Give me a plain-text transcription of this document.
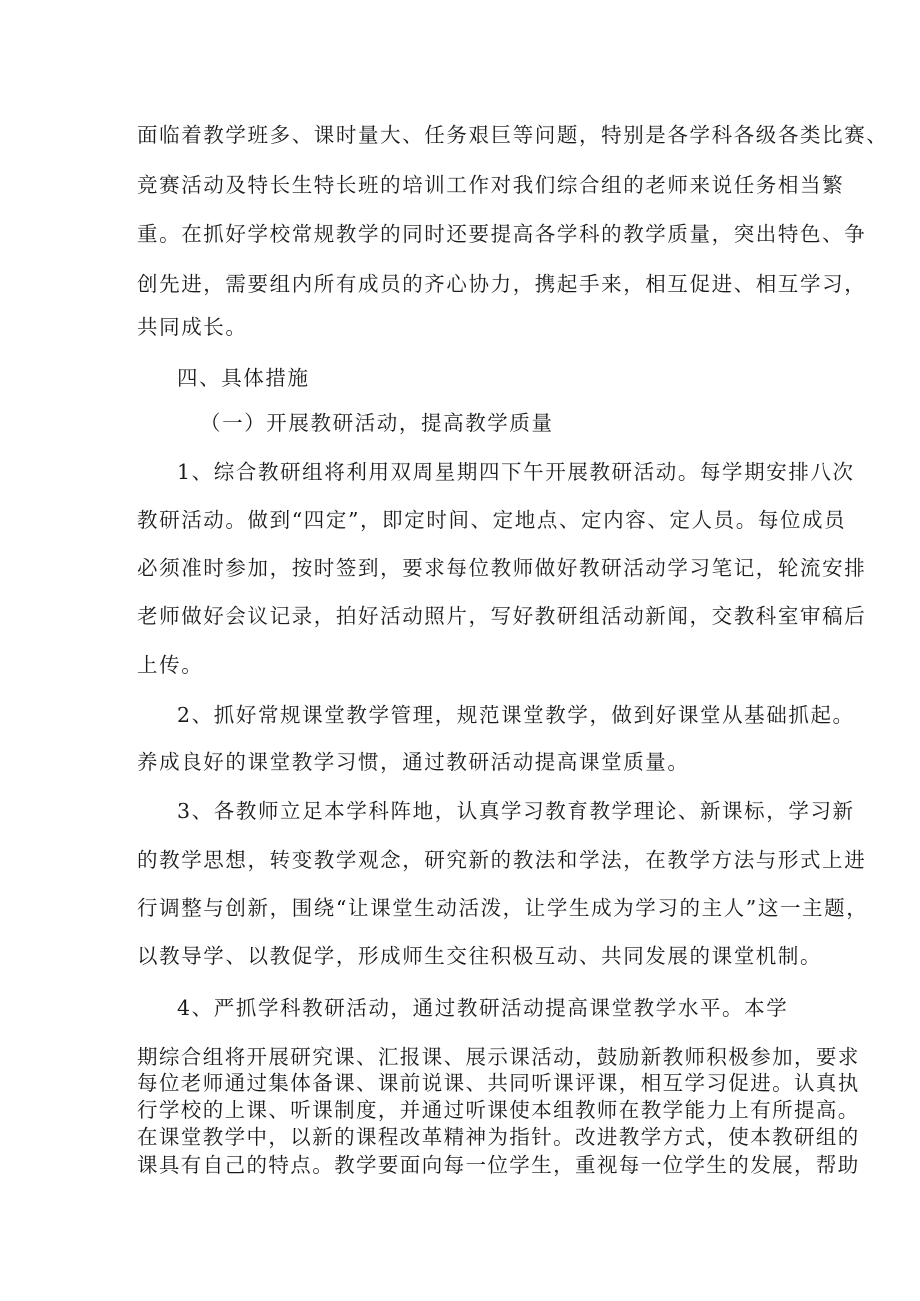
面临着教学班多、课时量大、任务艰巨等问题，特别是各学科各级各类比赛、
竞赛活动及特长生特长班的培训工作对我们综合组的老师来说任务相当繁
重。在抓好学校常规教学的同时还要提高各学科的教学质量，突出特色、争
创先进，需要组内所有成员的齐心协力，携起手来，相互促进、相互学习，
共同成长。
四、具体措施
（一）开展教研活动，提高教学质量
1、综合教研组将利用双周星期四下午开展教研活动。每学期安排八次
教研活动。做到“四定”，即定时间、定地点、定内容、定人员。每位成员
必须准时参加，按时签到，要求每位教师做好教研活动学习笔记，轮流安排
老师做好会议记录，拍好活动照片，写好教研组活动新闻，交教科室审稿后
上传。
2、抓好常规课堂教学管理，规范课堂教学，做到好课堂从基础抓起。
养成良好的课堂教学习惯，通过教研活动提高课堂质量。
3、各教师立足本学科阵地，认真学习教育教学理论、新课标，学习新
的教学思想，转变教学观念，研究新的教法和学法，在教学方法与形式上进
行调整与创新，围绕“让课堂生动活泼，让学生成为学习的主人”这一主题，
以教导学、以教促学，形成师生交往积极互动、共同发展的课堂机制。
4、严抓学科教研活动，通过教研活动提高课堂教学水平。本学
期综合组将开展研究课、汇报课、展示课活动，鼓励新教师积极参加，要求
每位老师通过集体备课、课前说课、共同听课评课，相互学习促进。认真执
行学校的上课、听课制度，并通过听课使本组教师在教学能力上有所提高。
在课堂教学中，以新的课程改革精神为指针。改进教学方式，使本教研组的
课具有自己的特点。教学要面向每一位学生，重视每一位学生的发展，帮助
